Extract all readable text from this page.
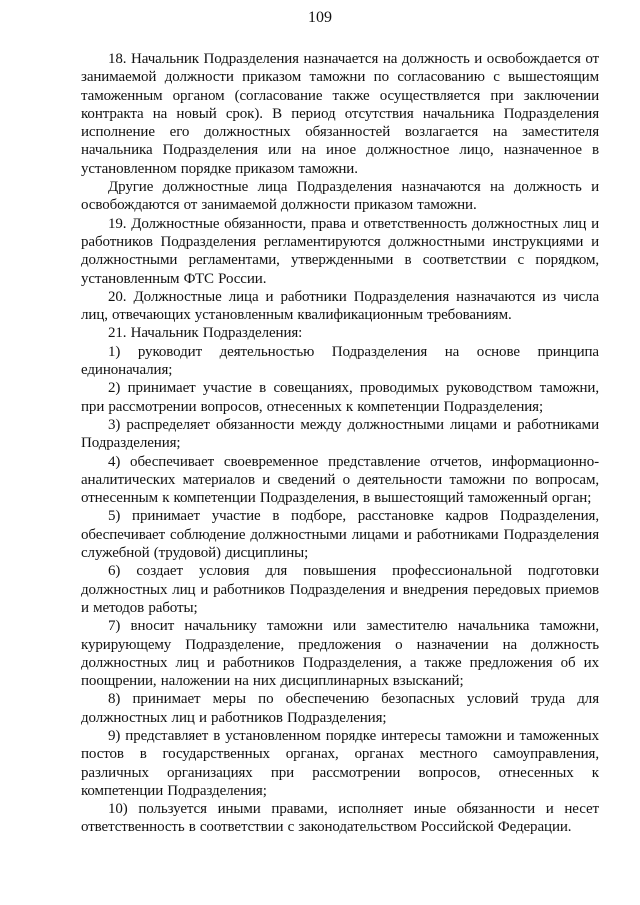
109

18. Начальник Подразделения назначается на должность и освобождается от занимаемой должности приказом таможни по согласованию с вышестоящим таможенным органом (согласование также осуществляется при заключении контракта на новый срок). В период отсутствия начальника Подразделения исполнение его должностных обязанностей возлагается на заместителя начальника Подразделения или на иное должностное лицо, назначенное в установленном порядке приказом таможни.

Другие должностные лица Подразделения назначаются на должность и освобождаются от занимаемой должности приказом таможни.

19. Должностные обязанности, права и ответственность должностных лиц и работников Подразделения регламентируются должностными инструкциями и должностными регламентами, утвержденными в соответствии с порядком, установленным ФТС России.

20. Должностные лица и работники Подразделения назначаются из числа лиц, отвечающих установленным квалификационным требованиям.

21. Начальник Подразделения:

1) руководит деятельностью Подразделения на основе принципа единоначалия;

2) принимает участие в совещаниях, проводимых руководством таможни, при рассмотрении вопросов, отнесенных к компетенции Подразделения;

3) распределяет обязанности между должностными лицами и работниками Подразделения;

4) обеспечивает своевременное представление отчетов, информационно-аналитических материалов и сведений о деятельности таможни по вопросам, отнесенным к компетенции Подразделения, в вышестоящий таможенный орган;

5) принимает участие в подборе, расстановке кадров Подразделения, обеспечивает соблюдение должностными лицами и работниками Подразделения служебной (трудовой) дисциплины;

6) создает условия для повышения профессиональной подготовки должностных лиц и работников Подразделения и внедрения передовых приемов и методов работы;

7) вносит начальнику таможни или заместителю начальника таможни, курирующему Подразделение, предложения о назначении на должность должностных лиц и работников Подразделения, а также предложения об их поощрении, наложении на них дисциплинарных взысканий;

8) принимает меры по обеспечению безопасных условий труда для должностных лиц и работников Подразделения;

9) представляет в установленном порядке интересы таможни и таможенных постов в государственных органах, органах местного самоуправления, различных организациях при рассмотрении вопросов, отнесенных к компетенции Подразделения;

10) пользуется иными правами, исполняет иные обязанности и несет ответственность в соответствии с законодательством Российской Федерации.
